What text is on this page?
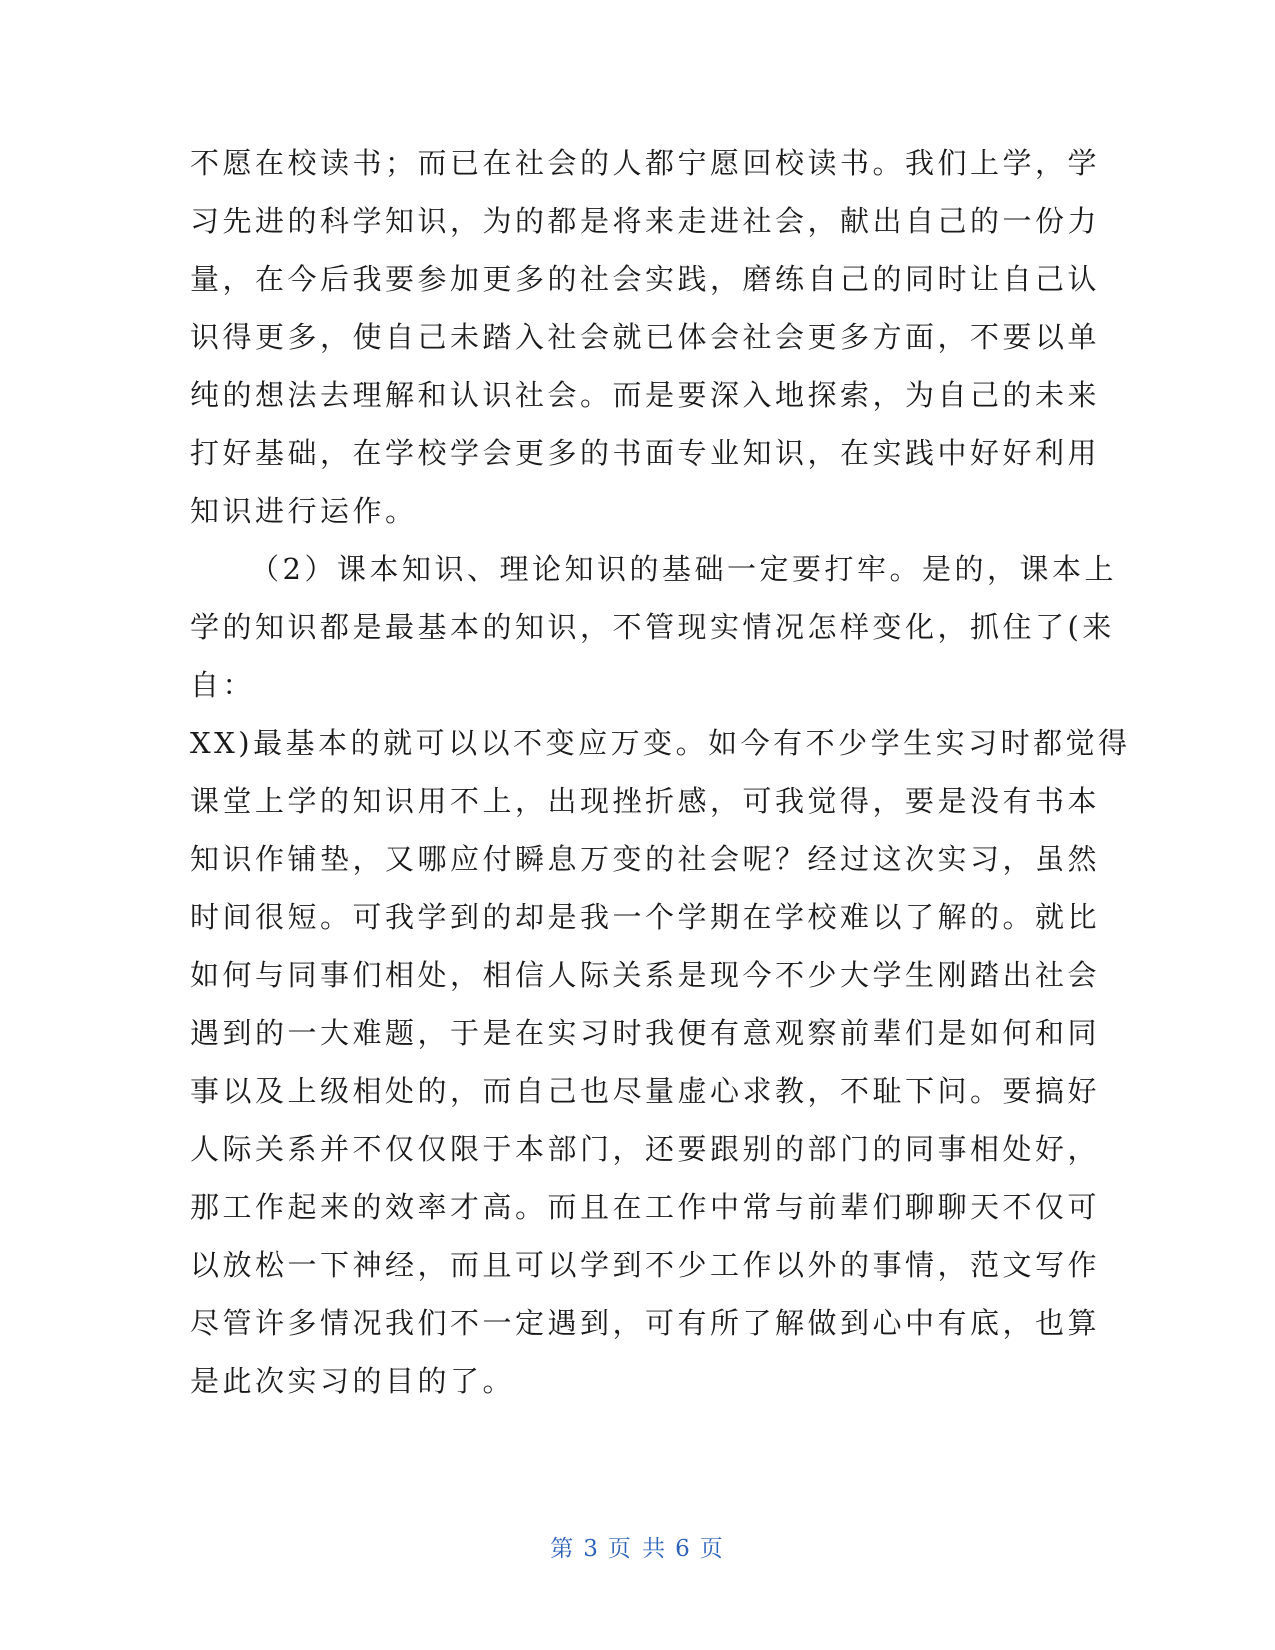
不愿在校读书；而已在社会的人都宁愿回校读书。我们上学，学
习先进的科学知识，为的都是将来走进社会，献出自己的一份力
量，在今后我要参加更多的社会实践，磨练自己的同时让自己认
识得更多，使自己未踏入社会就已体会社会更多方面，不要以单
纯的想法去理解和认识社会。而是要深入地探索，为自己的未来
打好基础，在学校学会更多的书面专业知识，在实践中好好利用
知识进行运作。
（2）课本知识、理论知识的基础一定要打牢。是的，课本上
学的知识都是最基本的知识，不管现实情况怎样变化，抓住了(来
自：
XX)最基本的就可以以不变应万变。如今有不少学生实习时都觉得
课堂上学的知识用不上，出现挫折感，可我觉得，要是没有书本
知识作铺垫，又哪应付瞬息万变的社会呢？经过这次实习，虽然
时间很短。可我学到的却是我一个学期在学校难以了解的。就比
如何与同事们相处，相信人际关系是现今不少大学生刚踏出社会
遇到的一大难题，于是在实习时我便有意观察前辈们是如何和同
事以及上级相处的，而自己也尽量虚心求教，不耻下问。要搞好
人际关系并不仅仅限于本部门，还要跟别的部门的同事相处好，
那工作起来的效率才高。而且在工作中常与前辈们聊聊天不仅可
以放松一下神经，而且可以学到不少工作以外的事情，范文写作
尽管许多情况我们不一定遇到，可有所了解做到心中有底，也算
是此次实习的目的了。
第 3 页 共 6 页
